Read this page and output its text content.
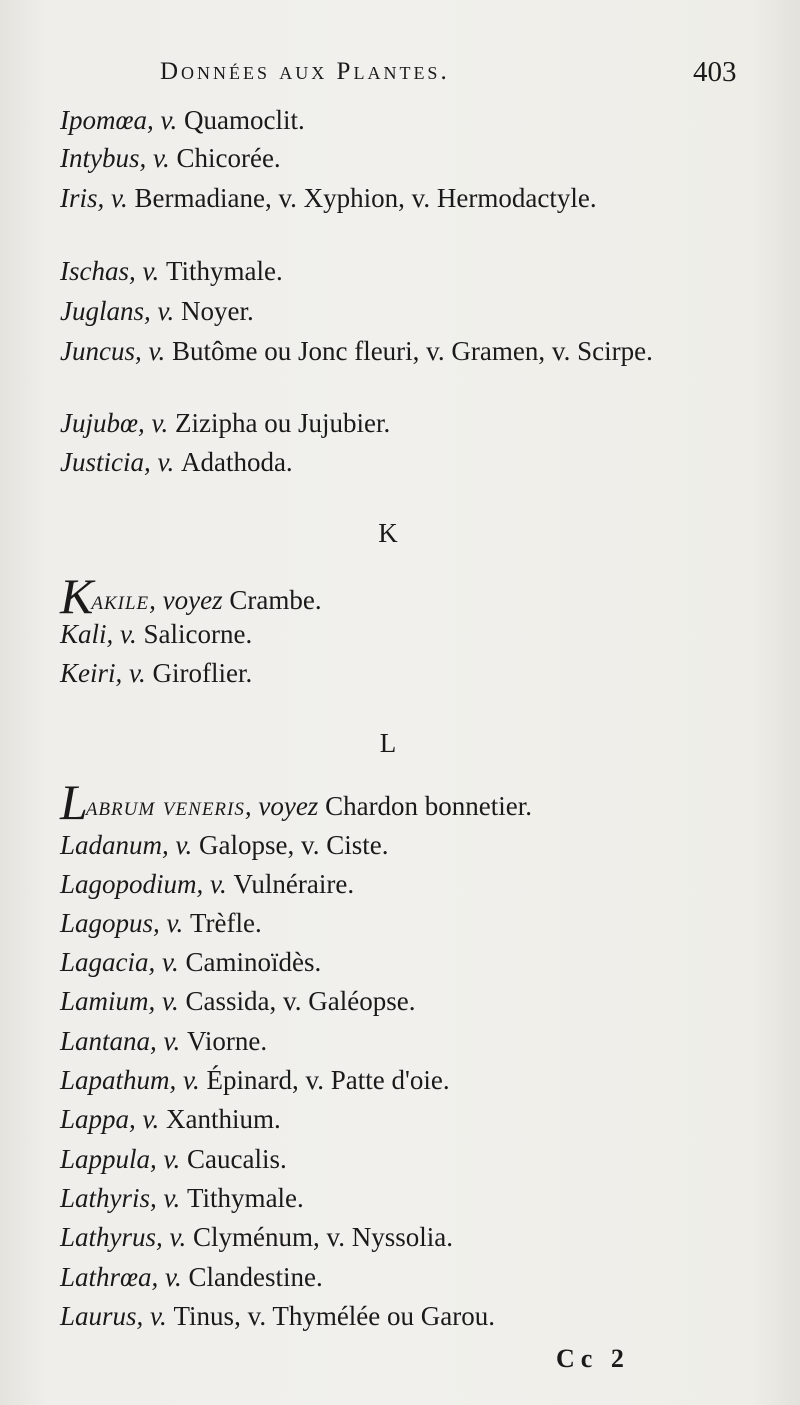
Données aux Plantes.	403
Ipomœa, v. Quamoclit.
Intybus, v. Chicorée.
Iris, v. Bermadiane, v. Xyphion, v. Hermodactyle.
Ischas, v. Tithymale.
Juglans, v. Noyer.
Juncus, v. Butôme ou Jonc fleuri, v. Gramen, v. Scirpe.
Jujubœ, v. Zizipha ou Jujubier.
Justicia, v. Adathoda.
K
Kakile, voyez Crambe.
Kali, v. Salicorne.
Keiri, v. Giroflier.
L
Labrum veneris, voyez Chardon bonnetier.
Ladanum, v. Galopse, v. Ciste.
Lagopodium, v. Vulnéraire.
Lagopus, v. Trèfle.
Lagacia, v. Caminoïdès.
Lamium, v. Cassida, v. Galéopse.
Lantana, v. Viorne.
Lapathum, v. Épinard, v. Patte d'oie.
Lappa, v. Xanthium.
Lappula, v. Caucalis.
Lathyris, v. Tithymale.
Lathyrus, v. Clyménum, v. Nyssolia.
Lathrœa, v. Clandestine.
Laurus, v. Tinus, v. Thymélée ou Garou.
Cc 2
